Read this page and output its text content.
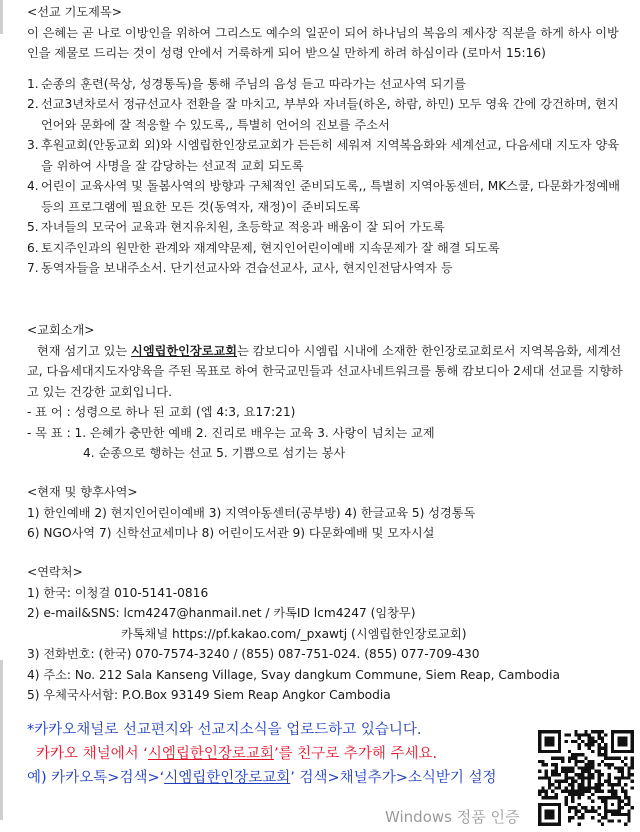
<선교 기도제목>

이 은혜는 곧 나로 이방인을 위하여 그리스도 예수의 일꾼이 되어 하나님의 복음의 제사장 직분을 하게 하사 이방인을 제물로 드리는 것이 성령 안에서 거룩하게 되어 받으실 만하게 하려 하심이라 (로마서 15:16)

1. 순종의 훈련(묵상, 성경통독)을 통해 주님의 음성 듣고 따라가는 선교사역 되기를
2. 선교3년차로서 정규선교사 전환을 잘 마치고, 부부와 자녀들(하온, 하람, 하민) 모두 영육 간에 강건하며, 현지 언어와 문화에 잘 적응할 수 있도록,, 특별히 언어의 진보를 주소서
3. 후원교회(안동교회 외)와 시엠립한인장로교회가 든든히 세워져 지역복음화와 세계선교, 다음세대 지도자 양육을 위하여 사명을 잘 감당하는 선교적 교회 되도록
4. 어린이 교육사역 및 돌봄사역의 방향과 구체적인 준비되도록,, 특별히 지역아동센터, MK스쿨, 다문화가정예배 등의 프로그램에 필요한 모든 것(동역자, 재정)이 준비되도록
5. 자녀들의 모국어 교육과 현지유치원, 초등학교 적응과 배움이 잘 되어 가도록
6. 토지주인과의 원만한 관계와 재계약문제, 현지인어린이예배 지속문제가 잘 해결 되도록
7. 동역자들을 보내주소서. 단기선교사와 견습선교사, 교사, 현지인전담사역자 등
<교회소개>

현재 섬기고 있는 시엠립한인장로교회는 캄보디아 시엠립 시내에 소재한 한인장로교회로서 지역복음화, 세계선교, 다음세대지도자양육을 주된 목표로 하여 한국교민들과 선교사네트워크를 통해 캄보디아 2세대 선교를 지향하고 있는 건강한 교회입니다.

- 표 어 : 성령으로 하나 된 교회 (엡 4:3, 요17:21)
- 목 표 : 1. 은혜가 충만한 예배 2. 진리로 배우는 교육 3. 사랑이 넘치는 교제
4. 순종으로 행하는 선교 5. 기쁨으로 섬기는 봉사
<현재 및 향후사역>
1) 한인예배 2) 현지인어린이예배 3) 지역아동센터(공부방) 4) 한글교육 5) 성경통독
6) NGO사역 7) 신학선교세미나 8) 어린이도서관 9) 다문화예배 및 모자시설
<연락처>
1) 한국: 이청걸 010-5141-0816
2) e-mail&SNS: lcm4247@hanmail.net / 카톡ID lcm4247 (임창무)
카톡채널 https://pf.kakao.com/_pxawtj (시엠립한인장로교회)
3) 전화번호: (한국) 070-7574-3240 / (855) 087-751-024. (855) 077-709-430
4) 주소: No. 212 Sala Kanseng Village, Svay dangkum Commune, Siem Reap, Cambodia
5) 우체국사서함: P.O.Box 93149 Siem Reap Angkor Cambodia
*카카오채널로 선교편지와 선교지소식을 업로드하고 있습니다.
카카오 채널에서 ‘시엠립한인장로교회’를 친구로 추가해 주세요.
예) 카카오톡>검색>‘시엠립한인장로교회’ 검색>채널추가>소식받기 설정
Windows 정품 인증
